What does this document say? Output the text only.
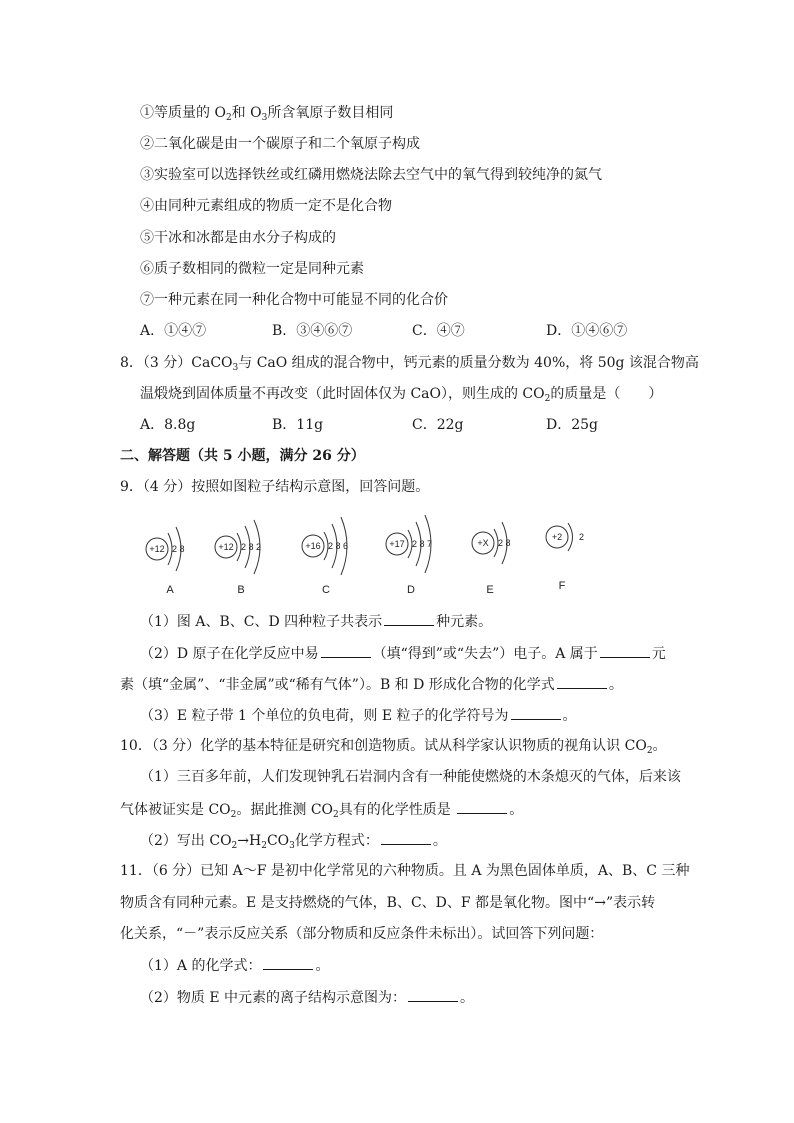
①等质量的 $O_2$和 $O_3$所含氧原子数目相同
②二氧化碳是由一个碳原子和二个氧原子构成
③实验室可以选择铁丝或红磷用燃烧法除去空气中的氧气得到较纯净的氮气
④由同种元素组成的物质一定不是化合物
⑤干冰和冰都是由水分子构成的
⑥质子数相同的微粒一定是同种元素
⑦一种元素在同一种化合物中可能显不同的化合价
A．①④⑦	B．③④⑥⑦	C．④⑦	D．①④⑥⑦
8．（3 分）CaCO$_3$与 CaO 组成的混合物中，钙元素的质量分数为 40%，将 50g 该混合物高
温煅烧到固体质量不再改变（此时固体仅为 CaO），则生成的 $CO_2$的质量是（　　）
A．8.8g	B．11g	C．22g	D．25g
二、解答题（共 5 小题，满分 26 分）
9．（4 分）按照如图粒子结构示意图，回答问题。
+12 2 8	+12 2 8 2	+16 2 8 6	+17 2 8 7	+X 2 8
+2 2
A	B	C	D	E	F
（1）图 A、B、C、D 四种粒子共表示	种元素。
（2）D 原子在化学反应中易	（填“得到”或“失去”）电子。A 属于	元
素（填“金属”、“非金属”或“稀有气体”）。B 和 D 形成化合物的化学式	。
（3）E 粒子带 1 个单位的负电荷，则 E 粒子的化学符号为	。
10．（3 分）化学的基本特征是研究和创造物质。试从科学家认识物质的视角认识 $CO_2$。
（1）三百多年前，人们发现钟乳石岩洞内含有一种能使燃烧的木条熄灭的气体，后来该
气体被证实是 $CO_2$。据此推测 $CO_2$具有的化学性质是	。
（2）写出 $CO_2\to H_2CO_3$化学方程式：	。
11．（6 分）已知 A～F 是初中化学常见的六种物质。且 A 为黑色固体单质，A、B、C 三种
物质含有同种元素。E 是支持燃烧的气体，B、C、D、F 都是氧化物。图中“→”表示转
化关系，“－”表示反应关系（部分物质和反应条件未标出）。试回答下列问题：
（1）A 的化学式：	。
（2）物质 E 中元素的离子结构示意图为：	。
